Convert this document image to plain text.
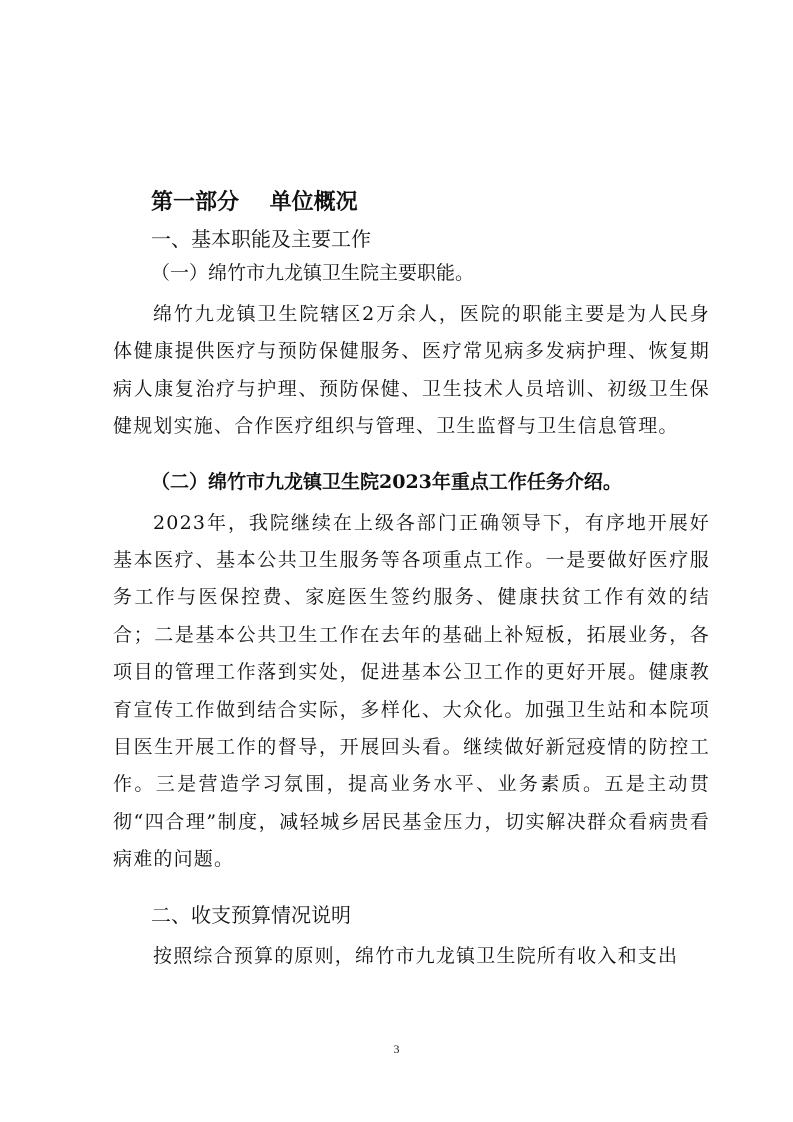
第一部分    单位概况
一、基本职能及主要工作
（一）绵竹市九龙镇卫生院主要职能。

绵竹九龙镇卫生院辖区2万余人，医院的职能主要是为人民身体健康提供医疗与预防保健服务、医疗常见病多发病护理、恢复期病人康复治疗与护理、预防保健、卫生技术人员培训、初级卫生保健规划实施、合作医疗组织与管理、卫生监督与卫生信息管理。

（二）绵竹市九龙镇卫生院2023年重点工作任务介绍。

2023年，我院继续在上级各部门正确领导下，有序地开展好基本医疗、基本公共卫生服务等各项重点工作。一是要做好医疗服务工作与医保控费、家庭医生签约服务、健康扶贫工作有效的结合；二是基本公共卫生工作在去年的基础上补短板，拓展业务，各项目的管理工作落到实处，促进基本公卫工作的更好开展。健康教育宣传工作做到结合实际，多样化、大众化。加强卫生站和本院项目医生开展工作的督导，开展回头看。继续做好新冠疫情的防控工作。三是营造学习氛围，提高业务水平、业务素质。五是主动贯彻“四合理”制度，减轻城乡居民基金压力，切实解决群众看病贵看病难的问题。

二、收支预算情况说明

按照综合预算的原则，绵竹市九龙镇卫生院所有收入和支出

3
